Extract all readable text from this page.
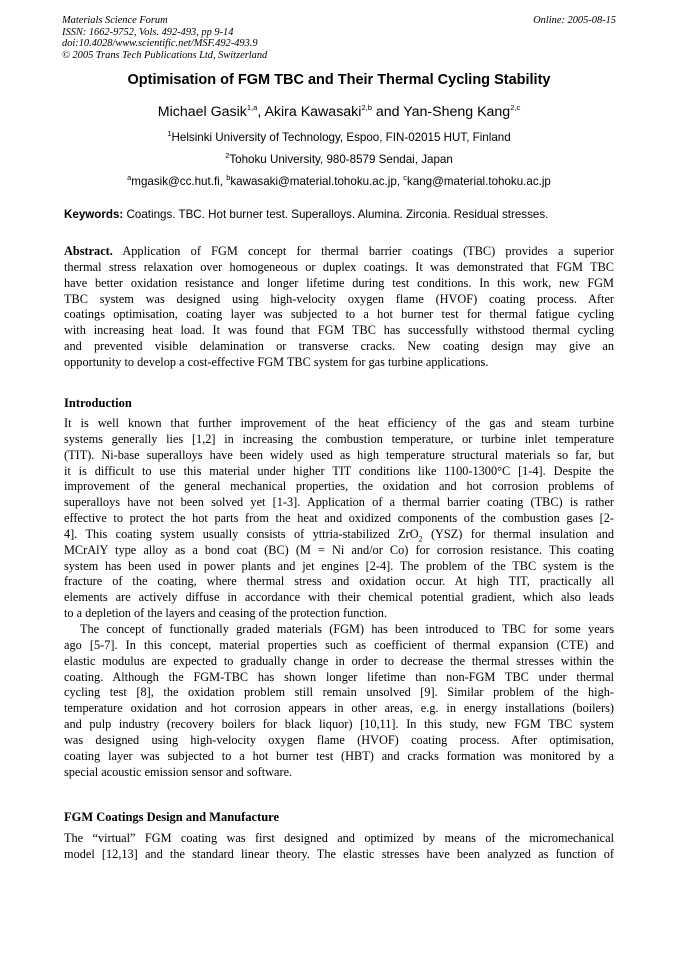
Materials Science Forum
ISSN: 1662-9752, Vols. 492-493, pp 9-14
doi:10.4028/www.scientific.net/MSF.492-493.9
© 2005 Trans Tech Publications Ltd, Switzerland
Online: 2005-08-15
Optimisation of FGM TBC and Their Thermal Cycling Stability
Michael Gasik$^{1,a}$, Akira Kawasaki$^{2,b}$ and Yan-Sheng Kang$^{2,c}$
$^1$Helsinki University of Technology, Espoo, FIN-02015 HUT, Finland
$^2$Tohoku University, 980-8579 Sendai, Japan
$^a$mgasik@cc.hut.fi, $^b$kawasaki@material.tohoku.ac.jp, $^c$kang@material.tohoku.ac.jp
Keywords: Coatings. TBC. Hot burner test. Superalloys. Alumina. Zirconia. Residual stresses.
Abstract. Application of FGM concept for thermal barrier coatings (TBC) provides a superior
thermal stress relaxation over homogeneous or duplex coatings. It was demonstrated that FGM TBC
have better oxidation resistance and longer lifetime during test conditions. In this work, new FGM
TBC system was designed using high-velocity oxygen flame (HVOF) coating process. After
coatings optimisation, coating layer was subjected to a hot burner test for thermal fatigue cycling
with increasing heat load. It was found that FGM TBC has successfully withstood thermal cycling
and prevented visible delamination or transverse cracks. New coating design may give an
opportunity to develop a cost-effective FGM TBC system for gas turbine applications.
Introduction
It is well known that further improvement of the heat efficiency of the gas and steam turbine
systems generally lies [1,2] in increasing the combustion temperature, or turbine inlet temperature
(TIT). Ni-base superalloys have been widely used as high temperature structural materials so far, but
it is difficult to use this material under higher TIT conditions like 1100-1300°C [1-4]. Despite the
improvement of the general mechanical properties, the oxidation and hot corrosion problems of
superalloys have not been solved yet [1-3]. Application of a thermal barrier coating (TBC) is rather
effective to protect the hot parts from the heat and oxidized components of the combustion gases [2-
4]. This coating system usually consists of yttria-stabilized ZrO$_2$ (YSZ) for thermal insulation and
MCrAlY type alloy as a bond coat (BC) (M = Ni and/or Co) for corrosion resistance. This coating
system has been used in power plants and jet engines [2-4]. The problem of the TBC system is the
fracture of the coating, where thermal stress and oxidation occur. At high TIT, practically all
elements are actively diffuse in accordance with their chemical potential gradient, which also leads
to a depletion of the layers and ceasing of the protection function.
The concept of functionally graded materials (FGM) has been introduced to TBC for some years
ago [5-7]. In this concept, material properties such as coefficient of thermal expansion (CTE) and
elastic modulus are expected to gradually change in order to decrease the thermal stresses within the
coating. Although the FGM-TBC has shown longer lifetime than non-FGM TBC under thermal
cycling test [8], the oxidation problem still remain unsolved [9]. Similar problem of the high-
temperature oxidation and hot corrosion appears in other areas, e.g. in energy installations (boilers)
and pulp industry (recovery boilers for black liquor) [10,11]. In this study, new FGM TBC system
was designed using high-velocity oxygen flame (HVOF) coating process. After optimisation,
coating layer was subjected to a hot burner test (HBT) and cracks formation was monitored by a
special acoustic emission sensor and software.
FGM Coatings Design and Manufacture
The “virtual” FGM coating was first designed and optimized by means of the micromechanical
model [12,13] and the standard linear theory. The elastic stresses have been analyzed as function of
